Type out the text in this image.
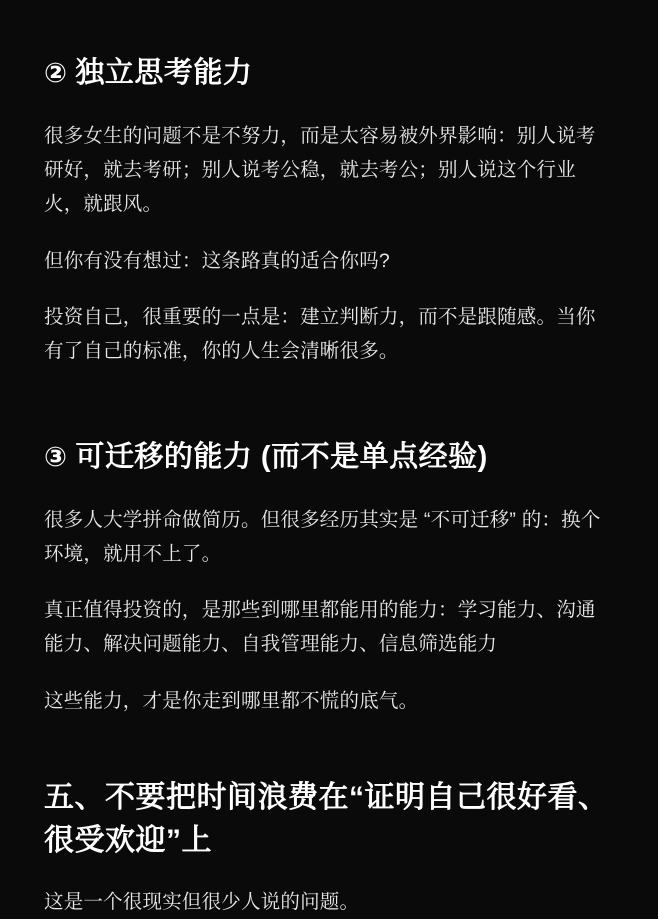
② 独立思考能力

很多女生的问题不是不努力，而是太容易被外界影响：别人说考研好，就去考研；别人说考公稳，就去考公；别人说这个行业火，就跟风。

但你有没有想过：这条路真的适合你吗?

投资自己，很重要的一点是：建立判断力，而不是跟随感。当你有了自己的标准，你的人生会清晰很多。

③ 可迁移的能力 (而不是单点经验)

很多人大学拼命做简历。但很多经历其实是 “不可迁移” 的：换个环境，就用不上了。

真正值得投资的，是那些到哪里都能用的能力：学习能力、沟通能力、解决问题能力、自我管理能力、信息筛选能力

这些能力，才是你走到哪里都不慌的底气。

五、不要把时间浪费在“证明自己很好看、很受欢迎”上

这是一个很现实但很少人说的问题。
